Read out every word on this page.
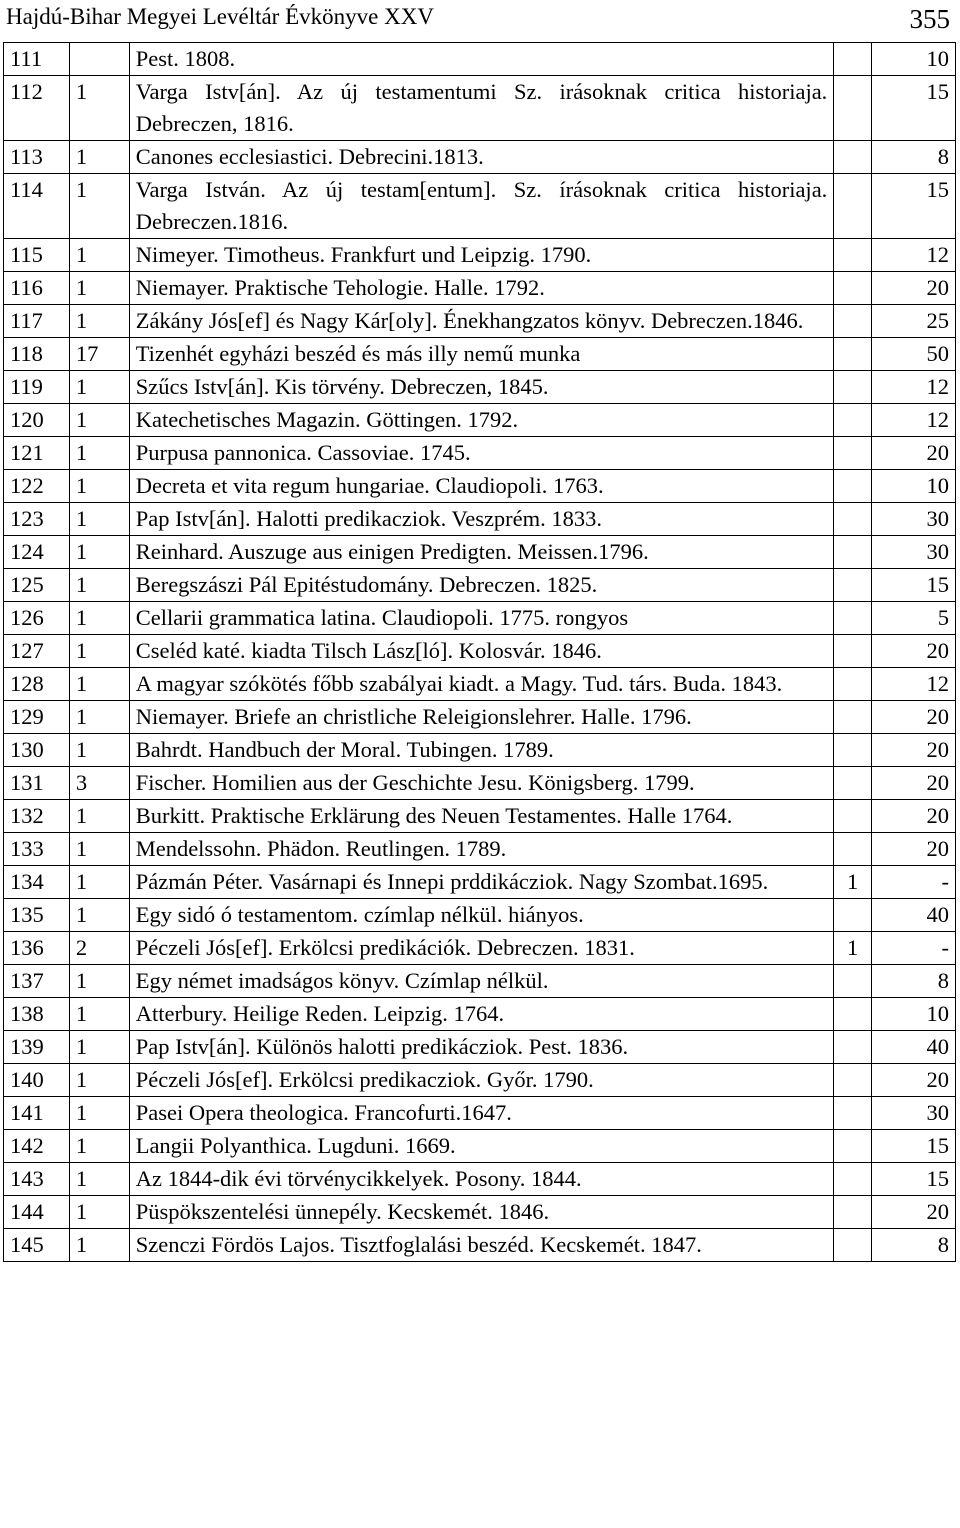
Hajdú-Bihar Megyei Levéltár Évkönyve XXV	355
111		Pest. 1808.		10
112	1	Varga Istv[án]. Az új testamentumi Sz. irásoknak critica historiaja. Debreczen, 1816.		15
113	1	Canones ecclesiastici. Debrecini.1813.		8
114	1	Varga István. Az új testam[entum]. Sz. írásoknak critica historiaja. Debreczen.1816.		15
115	1	Nimeyer. Timotheus. Frankfurt und Leipzig. 1790.		12
116	1	Niemayer. Praktische Tehologie. Halle. 1792.		20
117	1	Zákány Jós[ef] és Nagy Kár[oly]. Énekhangzatos könyv. Debreczen.1846.		25
118	17	Tizenhét egyházi beszéd és más illy nemű munka		50
119	1	Szűcs Istv[án]. Kis törvény. Debreczen, 1845.		12
120	1	Katechetisches Magazin. Göttingen. 1792.		12
121	1	Purpusa pannonica. Cassoviae. 1745.		20
122	1	Decreta et vita regum hungariae. Claudiopoli. 1763.		10
123	1	Pap Istv[án]. Halotti predikacziok. Veszprém. 1833.		30
124	1	Reinhard. Auszuge aus einigen Predigten. Meissen.1796.		30
125	1	Beregszászi Pál Epitéstudomány. Debreczen. 1825.		15
126	1	Cellarii grammatica latina. Claudiopoli. 1775. rongyos		5
127	1	Cseléd katé. kiadta Tilsch Lász[ló]. Kolosvár. 1846.		20
128	1	A magyar szókötés főbb szabályai kiadt. a Magy. Tud. társ. Buda. 1843.		12
129	1	Niemayer. Briefe an christliche Releigionslehrer. Halle. 1796.		20
130	1	Bahrdt. Handbuch der Moral. Tubingen. 1789.		20
131	3	Fischer. Homilien aus der Geschichte Jesu. Königsberg. 1799.		20
132	1	Burkitt. Praktische Erklärung des Neuen Testamentes. Halle 1764.		20
133	1	Mendelssohn. Phädon. Reutlingen. 1789.		20
134	1	Pázmán Péter. Vasárnapi és Innepi prddikácziok. Nagy Szombat.1695.	1	-
135	1	Egy sidó ó testamentom. czímlap nélkül. hiányos.		40
136	2	Péczeli Jós[ef]. Erkölcsi predikációk. Debreczen. 1831.	1	-
137	1	Egy német imadságos könyv. Czímlap nélkül.		8
138	1	Atterbury. Heilige Reden. Leipzig. 1764.		10
139	1	Pap Istv[án]. Különös halotti predikácziok. Pest. 1836.		40
140	1	Péczeli Jós[ef]. Erkölcsi predikacziok. Győr. 1790.		20
141	1	Pasei Opera theologica. Francofurti.1647.		30
142	1	Langii Polyanthica. Lugduni. 1669.		15
143	1	Az 1844-dik évi törvénycikkelyek. Posony. 1844.		15
144	1	Püspökszentelési ünnepély. Kecskemét. 1846.		20
145	1	Szenczi Fördös Lajos. Tisztfoglalási beszéd. Kecskemét. 1847.		8
